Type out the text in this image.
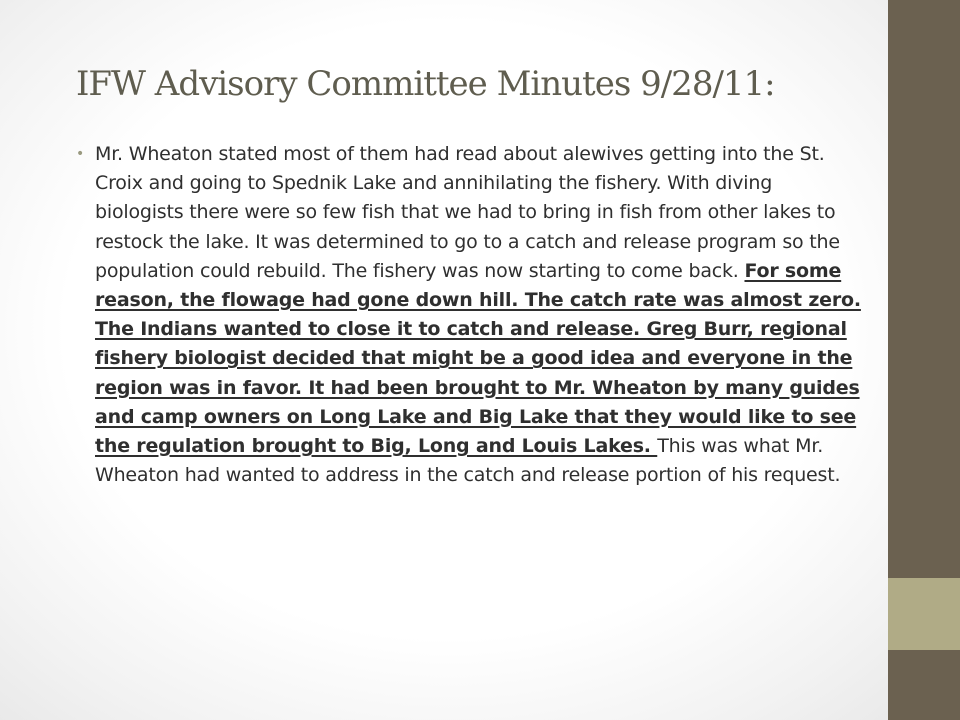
IFW Advisory Committee Minutes 9/28/11:
• Mr. Wheaton stated most of them had read about alewives getting into the St. Croix and going to Spednik Lake and annihilating the fishery. With diving biologists there were so few fish that we had to bring in fish from other lakes to restock the lake. It was determined to go to a catch and release program so the population could rebuild. The fishery was now starting to come back. For some reason, the flowage had gone down hill. The catch rate was almost zero. The Indians wanted to close it to catch and release. Greg Burr, regional fishery biologist decided that might be a good idea and everyone in the region was in favor. It had been brought to Mr. Wheaton by many guides and camp owners on Long Lake and Big Lake that they would like to see the regulation brought to Big, Long and Louis Lakes. This was what Mr. Wheaton had wanted to address in the catch and release portion of his request.
